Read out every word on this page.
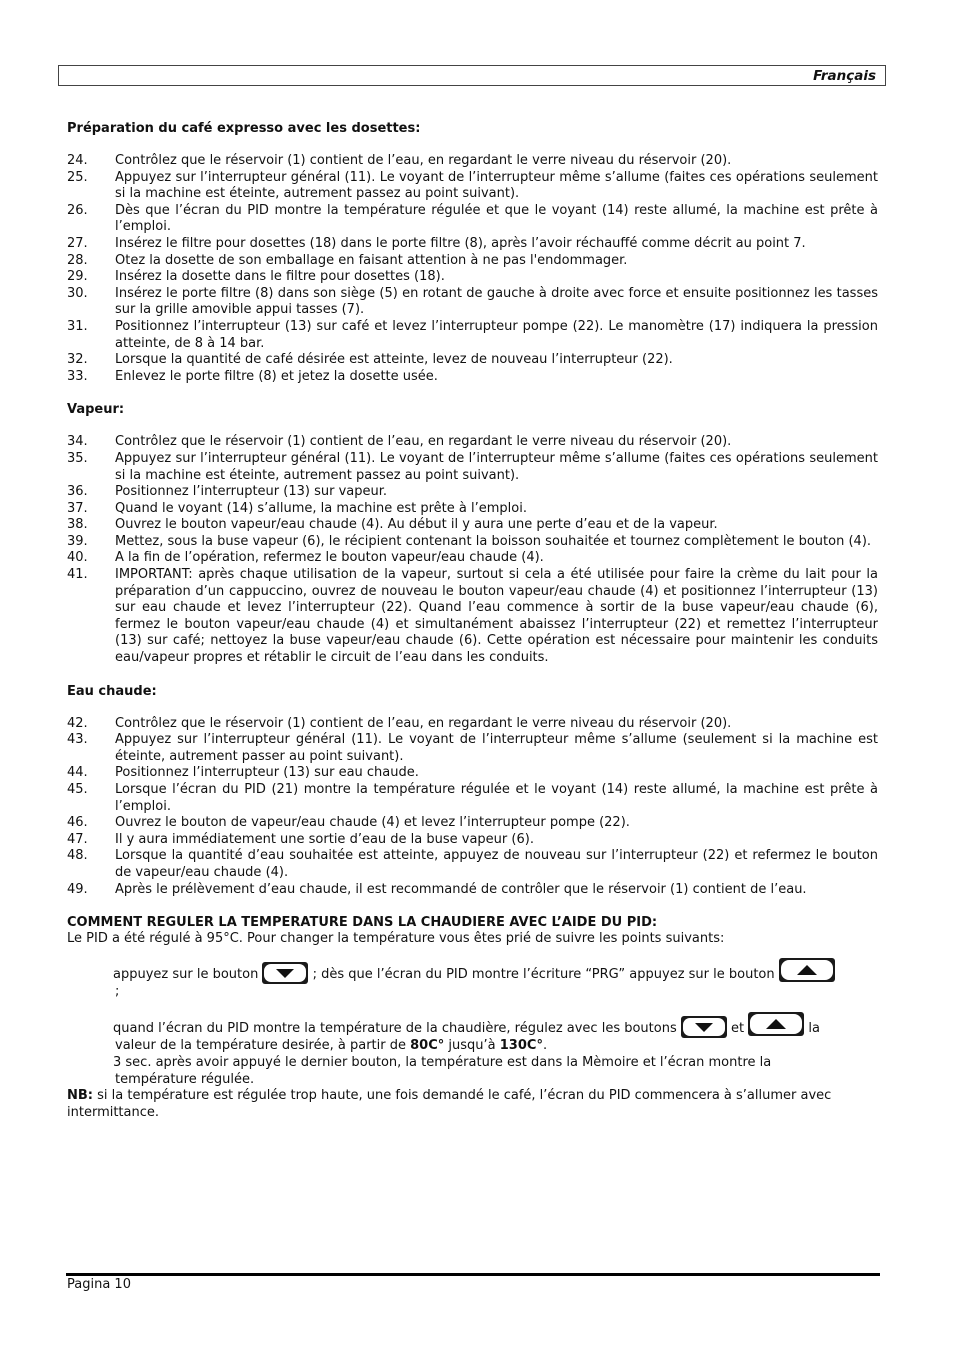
Français

Préparation du café expresso avec les dosettes:

24. Contrôlez que le réservoir (1) contient de l’eau, en regardant le verre niveau du réservoir (20).
25. Appuyez sur l’interrupteur général (11). Le voyant de l’interrupteur même s’allume (faites ces opérations seulement si la machine est éteinte, autrement passez au point suivant).
26. Dès que l’écran du PID montre la température régulée et que le voyant (14) reste allumé, la machine est prête à l’emploi.
27. Insérez le filtre pour dosettes (18) dans le porte filtre (8), après l’avoir réchauffé comme décrit au point 7.
28. Otez la dosette de son emballage en faisant attention à ne pas l'endommager.
29. Insérez la dosette dans le filtre pour dosettes (18).
30. Insérez le porte filtre (8) dans son siège (5) en rotant de gauche à droite avec force et ensuite positionnez les tasses sur la grille amovible appui tasses (7).
31. Positionnez l’interrupteur (13) sur café et levez l’interrupteur pompe (22). Le manomètre (17) indiquera la pression atteinte, de 8 à 14 bar.
32. Lorsque la quantité de café désirée est atteinte, levez de nouveau l’interrupteur (22).
33. Enlevez le porte filtre (8) et jetez la dosette usée.

Vapeur:

34. Contrôlez que le réservoir (1) contient de l’eau, en regardant le verre niveau du réservoir (20).
35. Appuyez sur l’interrupteur général (11). Le voyant de l’interrupteur même s’allume (faites ces opérations seulement si la machine est éteinte, autrement passez au point suivant).
36. Positionnez l’interrupteur (13) sur vapeur.
37. Quand le voyant (14) s’allume, la machine est prête à l’emploi.
38. Ouvrez le bouton vapeur/eau chaude (4). Au début il y aura une perte d’eau et de la vapeur.
39. Mettez, sous la buse vapeur (6), le récipient contenant la boisson souhaitée et tournez complètement le bouton (4).
40. A la fin de l’opération, refermez le bouton vapeur/eau chaude (4).
41. IMPORTANT: après chaque utilisation de la vapeur, surtout si cela a été utilisée pour faire la crème du lait pour la préparation d’un cappuccino, ouvrez de nouveau le bouton vapeur/eau chaude (4) et positionnez l’interrupteur (13) sur eau chaude et levez l’interrupteur (22). Quand l’eau commence à sortir de la buse vapeur/eau chaude (6), fermez le bouton vapeur/eau chaude (4) et simultanément abaissez l’interrupteur (22) et remettez l’interrupteur (13) sur café; nettoyez la buse vapeur/eau chaude (6). Cette opération est nécessaire pour maintenir les conduits eau/vapeur propres et rétablir le circuit de l’eau dans les conduits.

Eau chaude:

42. Contrôlez que le réservoir (1) contient de l’eau, en regardant le verre niveau du réservoir (20).
43. Appuyez sur l’interrupteur général (11). Le voyant de l’interrupteur même s’allume (seulement si la machine est éteinte, autrement passer au point suivant).
44. Positionnez l’interrupteur (13) sur eau chaude.
45. Lorsque l’écran du PID (21) montre la température régulée et le voyant (14) reste allumé, la machine est prête à l’emploi.
46. Ouvrez le bouton de vapeur/eau chaude (4) et levez l’interrupteur pompe (22).
47. Il y aura immédiatement une sortie d’eau de la buse vapeur (6).
48. Lorsque la quantité d’eau souhaitée est atteinte, appuyez de nouveau sur l’interrupteur (22) et refermez le bouton de vapeur/eau chaude (4).
49. Après le prélèvement d’eau chaude, il est recommandé de contrôler que le réservoir (1) contient de l’eau.

COMMENT REGULER LA TEMPERATURE DANS LA CHAUDIERE AVEC L’AIDE DU PID:

Le PID a été régulé à 95°C. Pour changer la température vous êtes prié de suivre les points suivants:

appuyez sur le bouton	; dès que l’écran du PID montre l’écriture “PRG” appuyez sur le bouton
;
quand l’écran du PID montre la température de la chaudière, régulez avec les boutons	et	la
valeur de la température desirée, à partir de 80C° jusqu’à 130C°.
3 sec. après avoir appuyé le dernier bouton, la température est dans la Mèmoire et l’écran montre la
température régulée.

NB: si la température est régulée trop haute, une fois demandé le café, l’écran du PID commencera à s’allumer avec intermittance.

Pagina 10
